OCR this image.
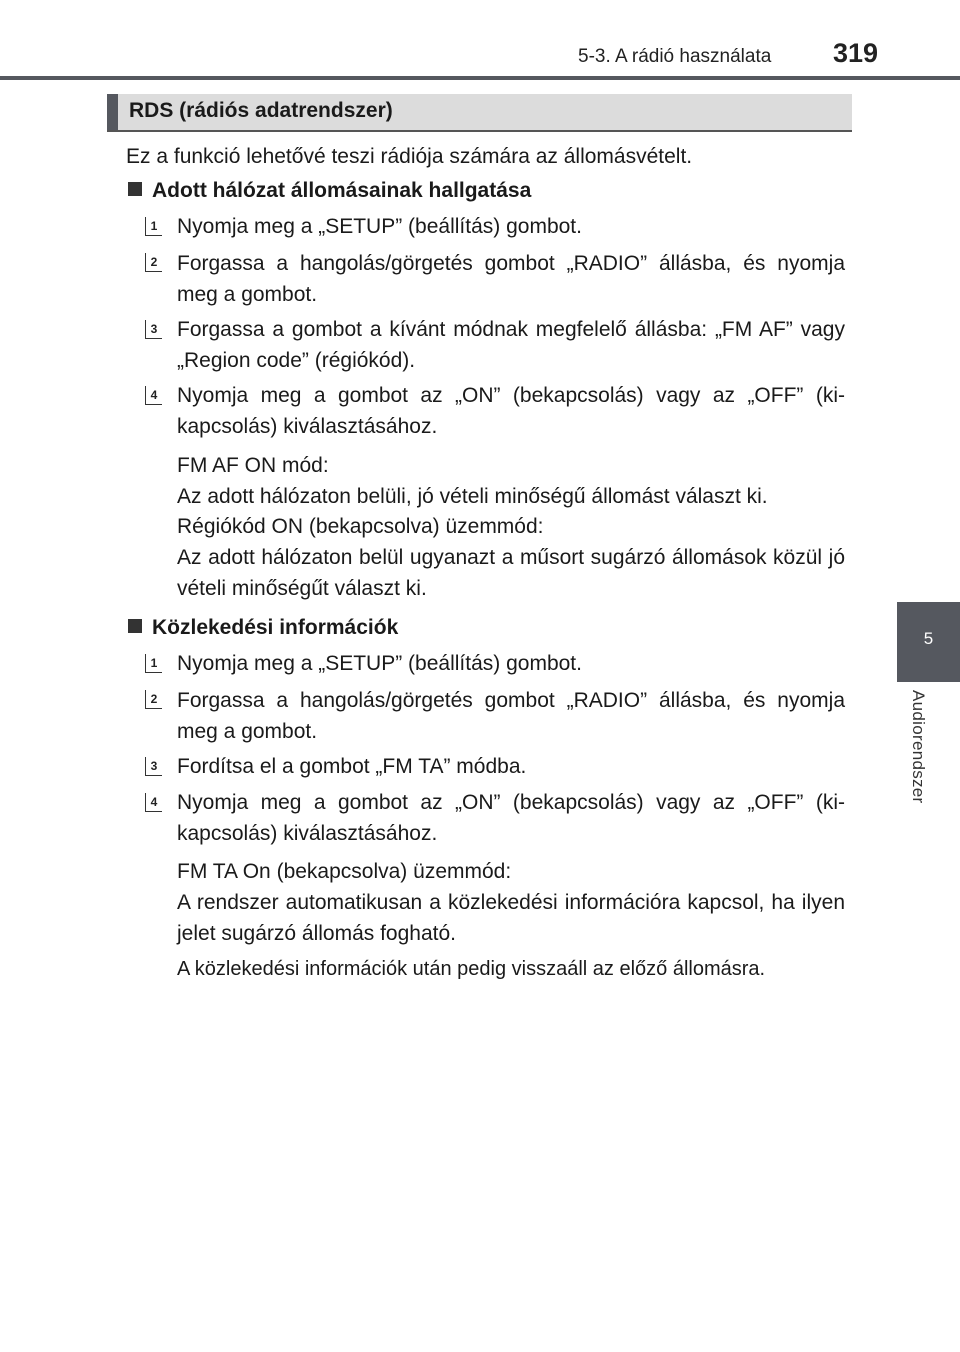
5-3. A rádió használata 319
5
Audiorendszer
RDS (rádiós adatrendszer)
Ez a funkció lehetővé teszi rádiója számára az állomásvételt.
Adott hálózat állomásainak hallgatása
1 Nyomja meg a „SETUP” (beállítás) gombot.
2 Forgassa a hangolás/görgetés gombot „RADIO” állásba, és nyomja meg a gombot.
3 Forgassa a gombot a kívánt módnak megfelelő állásba: „FM AF” vagy „Region code” (régiókód).
4 Nyomja meg a gombot az „ON” (bekapcsolás) vagy az „OFF” (ki-kapcsolás) kiválasztásához.
FM AF ON mód:
Az adott hálózaton belüli, jó vételi minőségű állomást választ ki.
Régiókód ON (bekapcsolva) üzemmód:
Az adott hálózaton belül ugyanazt a műsort sugárzó állomások közül jó vételi minőségűt választ ki.
Közlekedési információk
1 Nyomja meg a „SETUP” (beállítás) gombot.
2 Forgassa a hangolás/görgetés gombot „RADIO” állásba, és nyomja meg a gombot.
3 Fordítsa el a gombot „FM TA” módba.
4 Nyomja meg a gombot az „ON” (bekapcsolás) vagy az „OFF” (ki-kapcsolás) kiválasztásához.
FM TA On (bekapcsolva) üzemmód:
A rendszer automatikusan a közlekedési információra kapcsol, ha ilyen jelet sugárzó állomás fogható.
A közlekedési információk után pedig visszaáll az előző állomásra.
